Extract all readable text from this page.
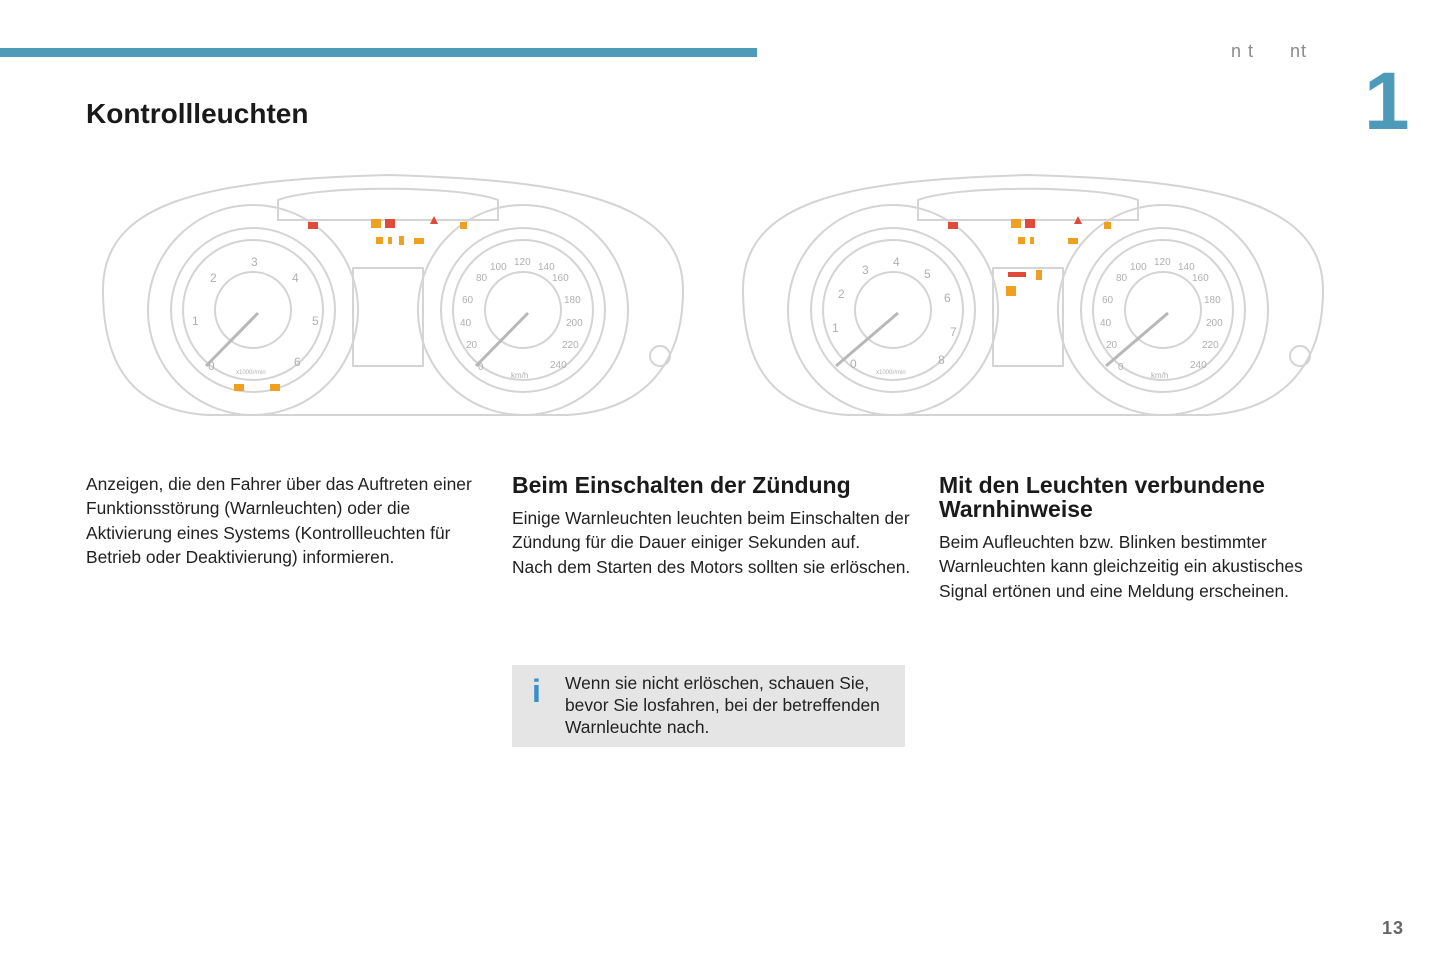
n t      nt
1
Kontrollleuchten
0
1
2
3
4
5
6
x1000r/min	0
20
40
60
80
100 120 140
160
180
200
220
240
km/h
0
1
2
3
4
5
6
7
8
x1000r/min	0
20
40
60
80
100 120 140
160
180
200
220
240
km/h

Anzeigen, die den Fahrer über das Auftreten einer Funktionsstörung (Warnleuchten) oder die Aktivierung eines Systems (Kontrollleuchten für Betrieb oder Deaktivierung) informieren.

Beim Einschalten der Zündung

Einige Warnleuchten leuchten beim Einschalten der Zündung für die Dauer einiger Sekunden auf.

Nach dem Starten des Motors sollten sie erlöschen.

Mit den Leuchten verbundene Warnhinweise

Beim Aufleuchten bzw. Blinken bestimmter Warnleuchten kann gleichzeitig ein akustisches Signal ertönen und eine Meldung erscheinen.

i Wenn sie nicht erlöschen, schauen Sie, bevor Sie losfahren, bei der betreffenden Warnleuchte nach.
13
